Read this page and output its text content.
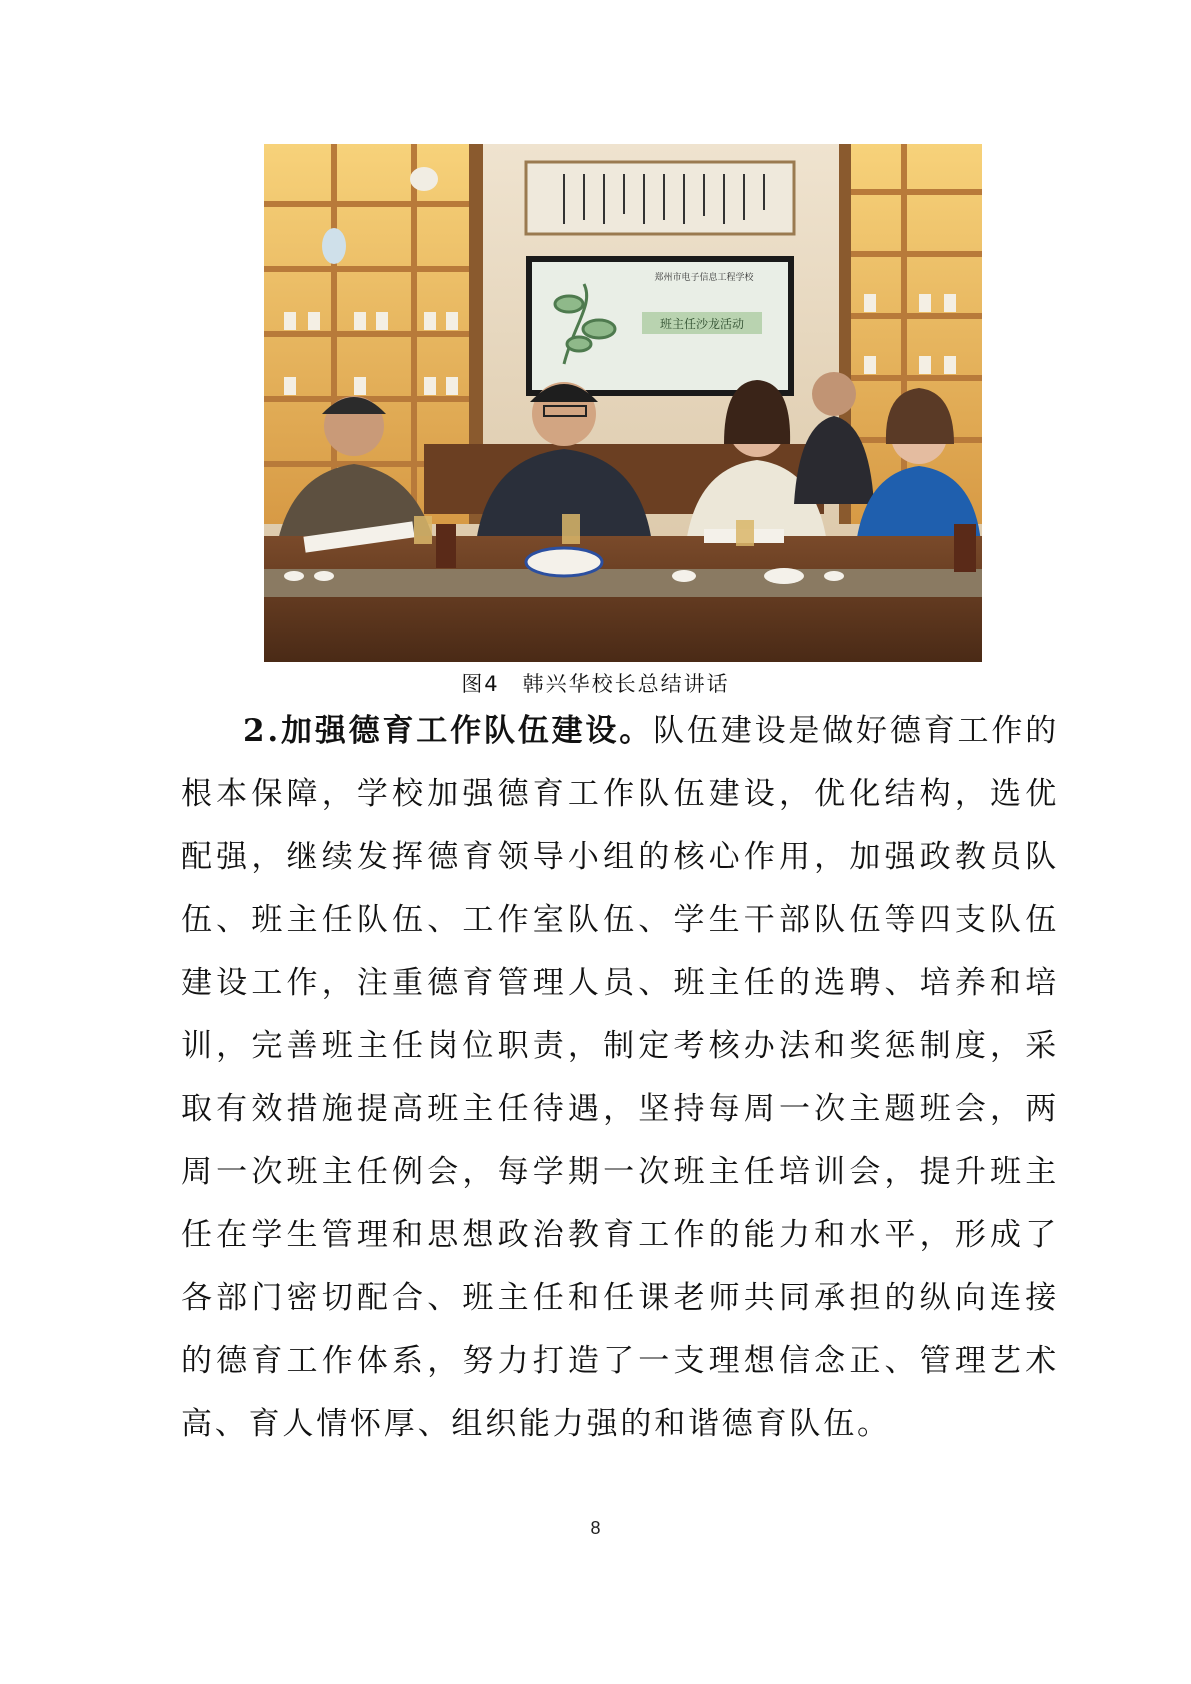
班主任沙龙活动
郑州市电子信息工程学校
图4　韩兴华校长总结讲话
2.加强德育工作队伍建设。队伍建设是做好德育工作的根本保障，学校加强德育工作队伍建设，优化结构，选优配强，继续发挥德育领导小组的核心作用，加强政教员队伍、班主任队伍、工作室队伍、学生干部队伍等四支队伍建设工作，注重德育管理人员、班主任的选聘、培养和培训，完善班主任岗位职责，制定考核办法和奖惩制度，采取有效措施提高班主任待遇，坚持每周一次主题班会，两周一次班主任例会，每学期一次班主任培训会，提升班主任在学生管理和思想政治教育工作的能力和水平，形成了各部门密切配合、班主任和任课老师共同承担的纵向连接的德育工作体系，努力打造了一支理想信念正、管理艺术高、育人情怀厚、组织能力强的和谐德育队伍。
8
